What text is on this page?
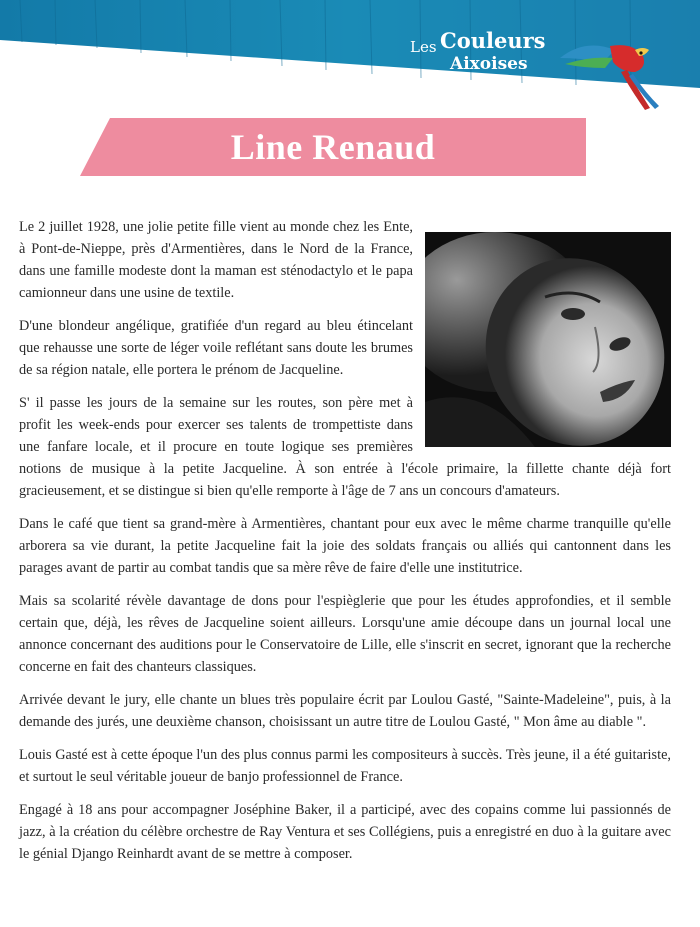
Les Couleurs
Aixoises
Line Renaud

Le 2 juillet 1928, une jolie petite fille vient au monde chez les Ente, à Pont-de-Nieppe, près d'Armentières, dans le Nord de la France, dans une famille modeste dont la maman est sténodactylo et le papa camionneur dans une usine de textile.

D'une blondeur angélique, gratifiée d'un regard au bleu étincelant que rehausse une sorte de léger voile reflétant sans doute les brumes de sa région natale, elle portera le prénom de Jacqueline.

S' il passe les jours de la semaine sur les routes, son père met à profit les week-ends pour exercer ses talents de trompettiste dans une fanfare locale, et il procure en toute logique ses premières notions de musique à la petite Jacqueline. À son entrée à l'école primaire, la fillette chante déjà fort gracieusement, et se distingue si bien qu'elle remporte à l'âge de 7 ans un concours d'amateurs.

Dans le café que tient sa grand-mère à Armentières, chantant pour eux avec le même charme tranquille qu'elle arborera sa vie durant, la petite Jacqueline fait la joie des soldats français ou alliés qui cantonnent dans les parages avant de partir au combat tandis que sa mère rêve de faire d'elle une institutrice.

Mais sa scolarité révèle davantage de dons pour l'espièglerie que pour les études approfondies, et il semble certain que, déjà, les rêves de Jacqueline soient ailleurs. Lorsqu'une amie découpe dans un journal local une annonce concernant des auditions pour le Conservatoire de Lille, elle s'inscrit en secret, ignorant que la recherche concerne en fait des chanteurs classiques.

Arrivée devant le jury, elle chante un blues très populaire écrit par Loulou Gasté, "Sainte-Madeleine", puis, à la demande des jurés, une deuxième chanson, choisissant un autre titre de Loulou Gasté, " Mon âme au diable ".

Louis Gasté est à cette époque l'un des plus connus parmi les compositeurs à succès. Très jeune, il a été guitariste, et surtout le seul véritable joueur de banjo professionnel de France.

Engagé à 18 ans pour accompagner Joséphine Baker, il a participé, avec des copains comme lui passionnés de jazz, à la création du célèbre orchestre de Ray Ventura et ses Collégiens, puis a enregistré en duo à la guitare avec le génial Django Reinhardt avant de se mettre à composer.
